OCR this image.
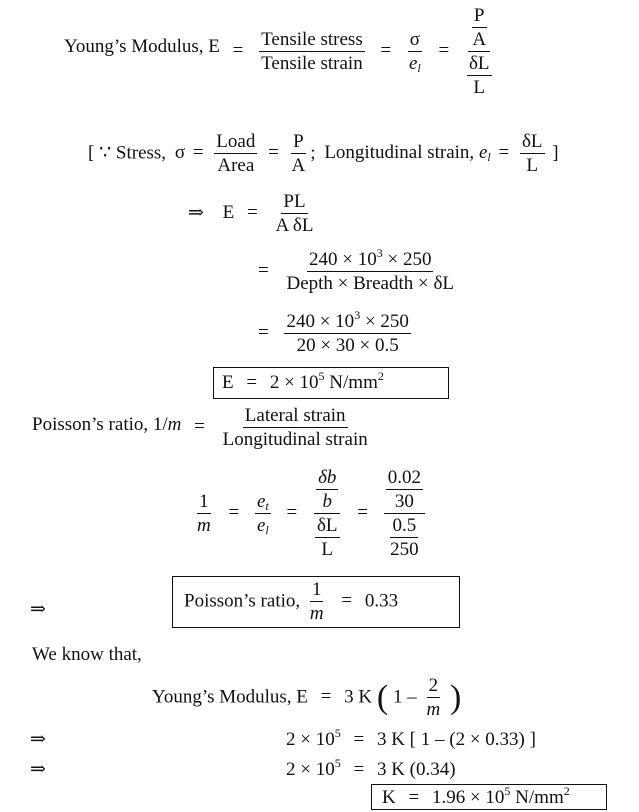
Young’s Modulus, $E = \frac{\text{Tensile stress}}{\text{Tensile strain}} = \frac{\sigma}{e_l} = \frac{\frac{P}{A}}{\frac{\delta L}{L}}$
[ ∵ Stress, $\sigma = \frac{\text{Load}}{\text{Area}} = \frac{P}{A}$ ; Longitudinal strain, $e_l = \frac{\delta L}{L}$ ]
⇒ $E = \frac{PL}{\text{A δL}}$
= $\frac{240 \times 10^3 \times 250}{\text{Depth × Breadth × δL}}$
= $\frac{240 \times 10^3 \times 250}{20 \times 30 \times 0.5}$
$E = 2 \times 10^5$ $N/mm^2$
Poisson’s ratio, $1/m = \frac{\text{Lateral strain}}{\text{Longitudinal strain}}$
$\frac{1}{m} = \frac{e_t}{e_l} = \frac{\frac{\delta b}{b}}{\frac{\delta L}{L}} = \frac{\frac{0.02}{30}}{\frac{0.5}{250}}$
⇒	Poisson’s ratio, $\frac{1}{m} = 0.33$
We know that,
Young’s Modulus, E = 3 K ( $1 - \frac{2}{m}$ )
⇒	$2 \times 10^5 = 3$ K [ 1 – (2 × 0.33) ]
⇒	$2 \times 10^5 = 3$ K (0.34)
$K = 1.96 \times 10^5$ $N/mm^2$
